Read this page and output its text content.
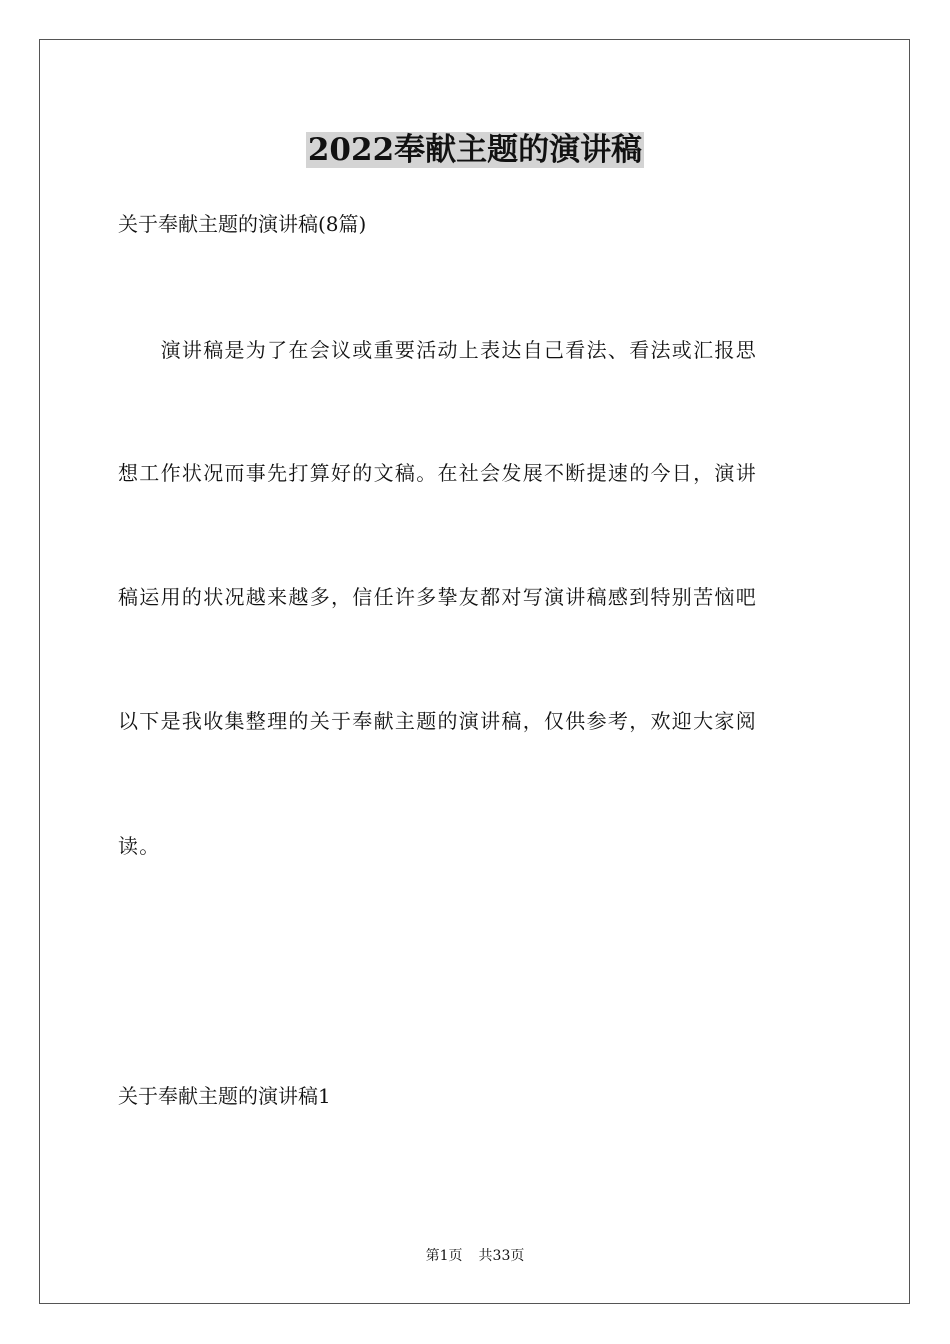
2022奉献主题的演讲稿
关于奉献主题的演讲稿(8篇)
　　演讲稿是为了在会议或重要活动上表达自己看法、看法或汇报思
想工作状况而事先打算好的文稿。在社会发展不断提速的今日，演讲
稿运用的状况越来越多，信任许多挚友都对写演讲稿感到特别苦恼吧
以下是我收集整理的关于奉献主题的演讲稿，仅供参考，欢迎大家阅
读。
关于奉献主题的演讲稿1
第1页 共33页
